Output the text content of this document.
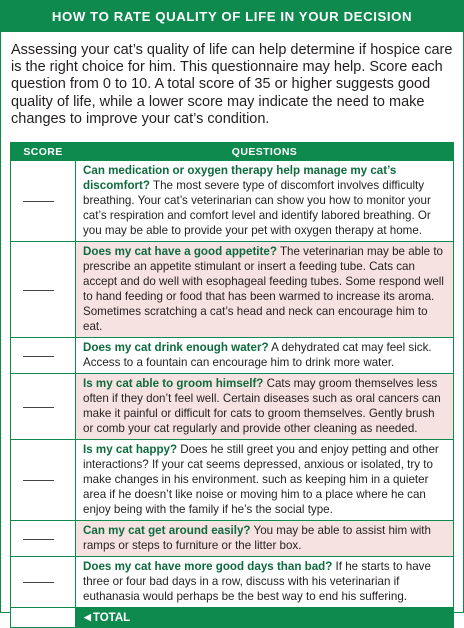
HOW TO RATE QUALITY OF LIFE IN YOUR DECISION
Assessing your cat’s quality of life can help determine if hospice care is the right choice for him. This questionnaire may help. Score each question from 0 to 10. A total score of 35 or higher suggests good quality of life, while a lower score may indicate the need to make changes to improve your cat’s condition.
SCORE	QUESTIONS

	Can medication or oxygen therapy help manage my cat’s discomfort? The most severe type of discomfort involves difficulty breathing. Your cat’s veterinarian can show you how to monitor your cat’s respiration and comfort level and identify labored breathing. Or you may be able to provide your pet with oxygen therapy at home.

	Does my cat have a good appetite? The veterinarian may be able to prescribe an appetite stimulant or insert a feeding tube. Cats can accept and do well with esophageal feeding tubes. Some respond well to hand feeding or food that has been warmed to increase its aroma. Sometimes scratching a cat’s head and neck can encourage him to eat.

	Does my cat drink enough water? A dehydrated cat may feel sick. Access to a fountain can encourage him to drink more water.

	Is my cat able to groom himself? Cats may groom themselves less often if they don’t feel well. Certain diseases such as oral cancers can make it painful or difficult for cats to groom themselves. Gently brush or comb your cat regularly and provide other cleaning as needed.

	Is my cat happy? Does he still greet you and enjoy petting and other interactions? If your cat seems depressed, anxious or isolated, try to make changes in his environment. such as keeping him in a quieter area if he doesn’t like noise or moving him to a place where he can enjoy being with the family if he’s the social type.

	Can my cat get around easily? You may be able to assist him with ramps or steps to furniture or the litter box.

	Does my cat have more good days than bad? If he starts to have three or four bad days in a row, discuss with his veterinarian if euthanasia would perhaps be the best way to end his suffering.
	◀ TOTAL
